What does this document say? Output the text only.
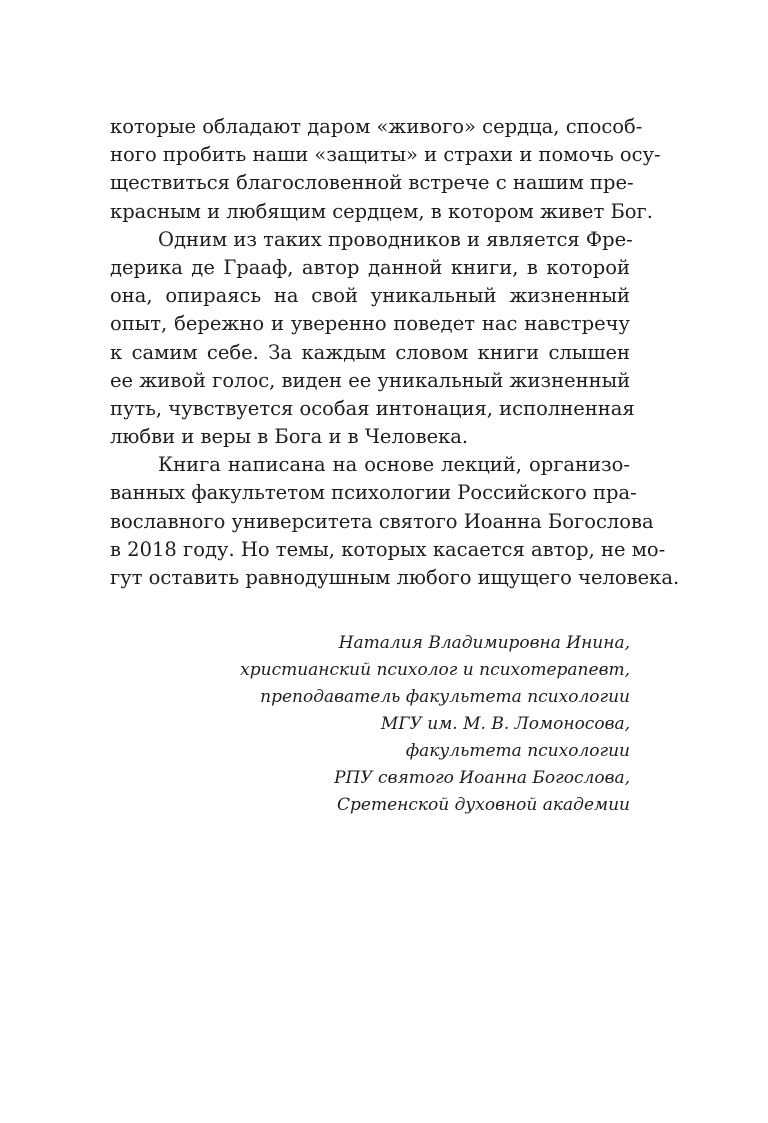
которые обладают даром «живого» сердца, способ-
ного пробить наши «защиты» и страхи и помочь осу-
ществиться благословенной встрече с нашим пре-
красным и любящим сердцем, в котором живет Бог.
Одним из таких проводников и является Фре-
дерика де Грааф, автор данной книги, в которой
она, опираясь на свой уникальный жизненный
опыт, бережно и уверенно поведет нас навстречу
к самим себе. За каждым словом книги слышен
ее живой голос, виден ее уникальный жизненный
путь, чувствуется особая интонация, исполненная
любви и веры в Бога и в Человека.
Книга написана на основе лекций, организо-
ванных факультетом психологии Российского пра-
вославного университета святого Иоанна Богослова
в 2018 году. Но темы, которых касается автор, не мо-
гут оставить равнодушным любого ищущего человека.
Наталия Владимировна Инина,
христианский психолог и психотерапевт,
преподаватель факультета психологии
МГУ им. М. В. Ломоносова,
факультета психологии
РПУ святого Иоанна Богослова,
Сретенской духовной академии
